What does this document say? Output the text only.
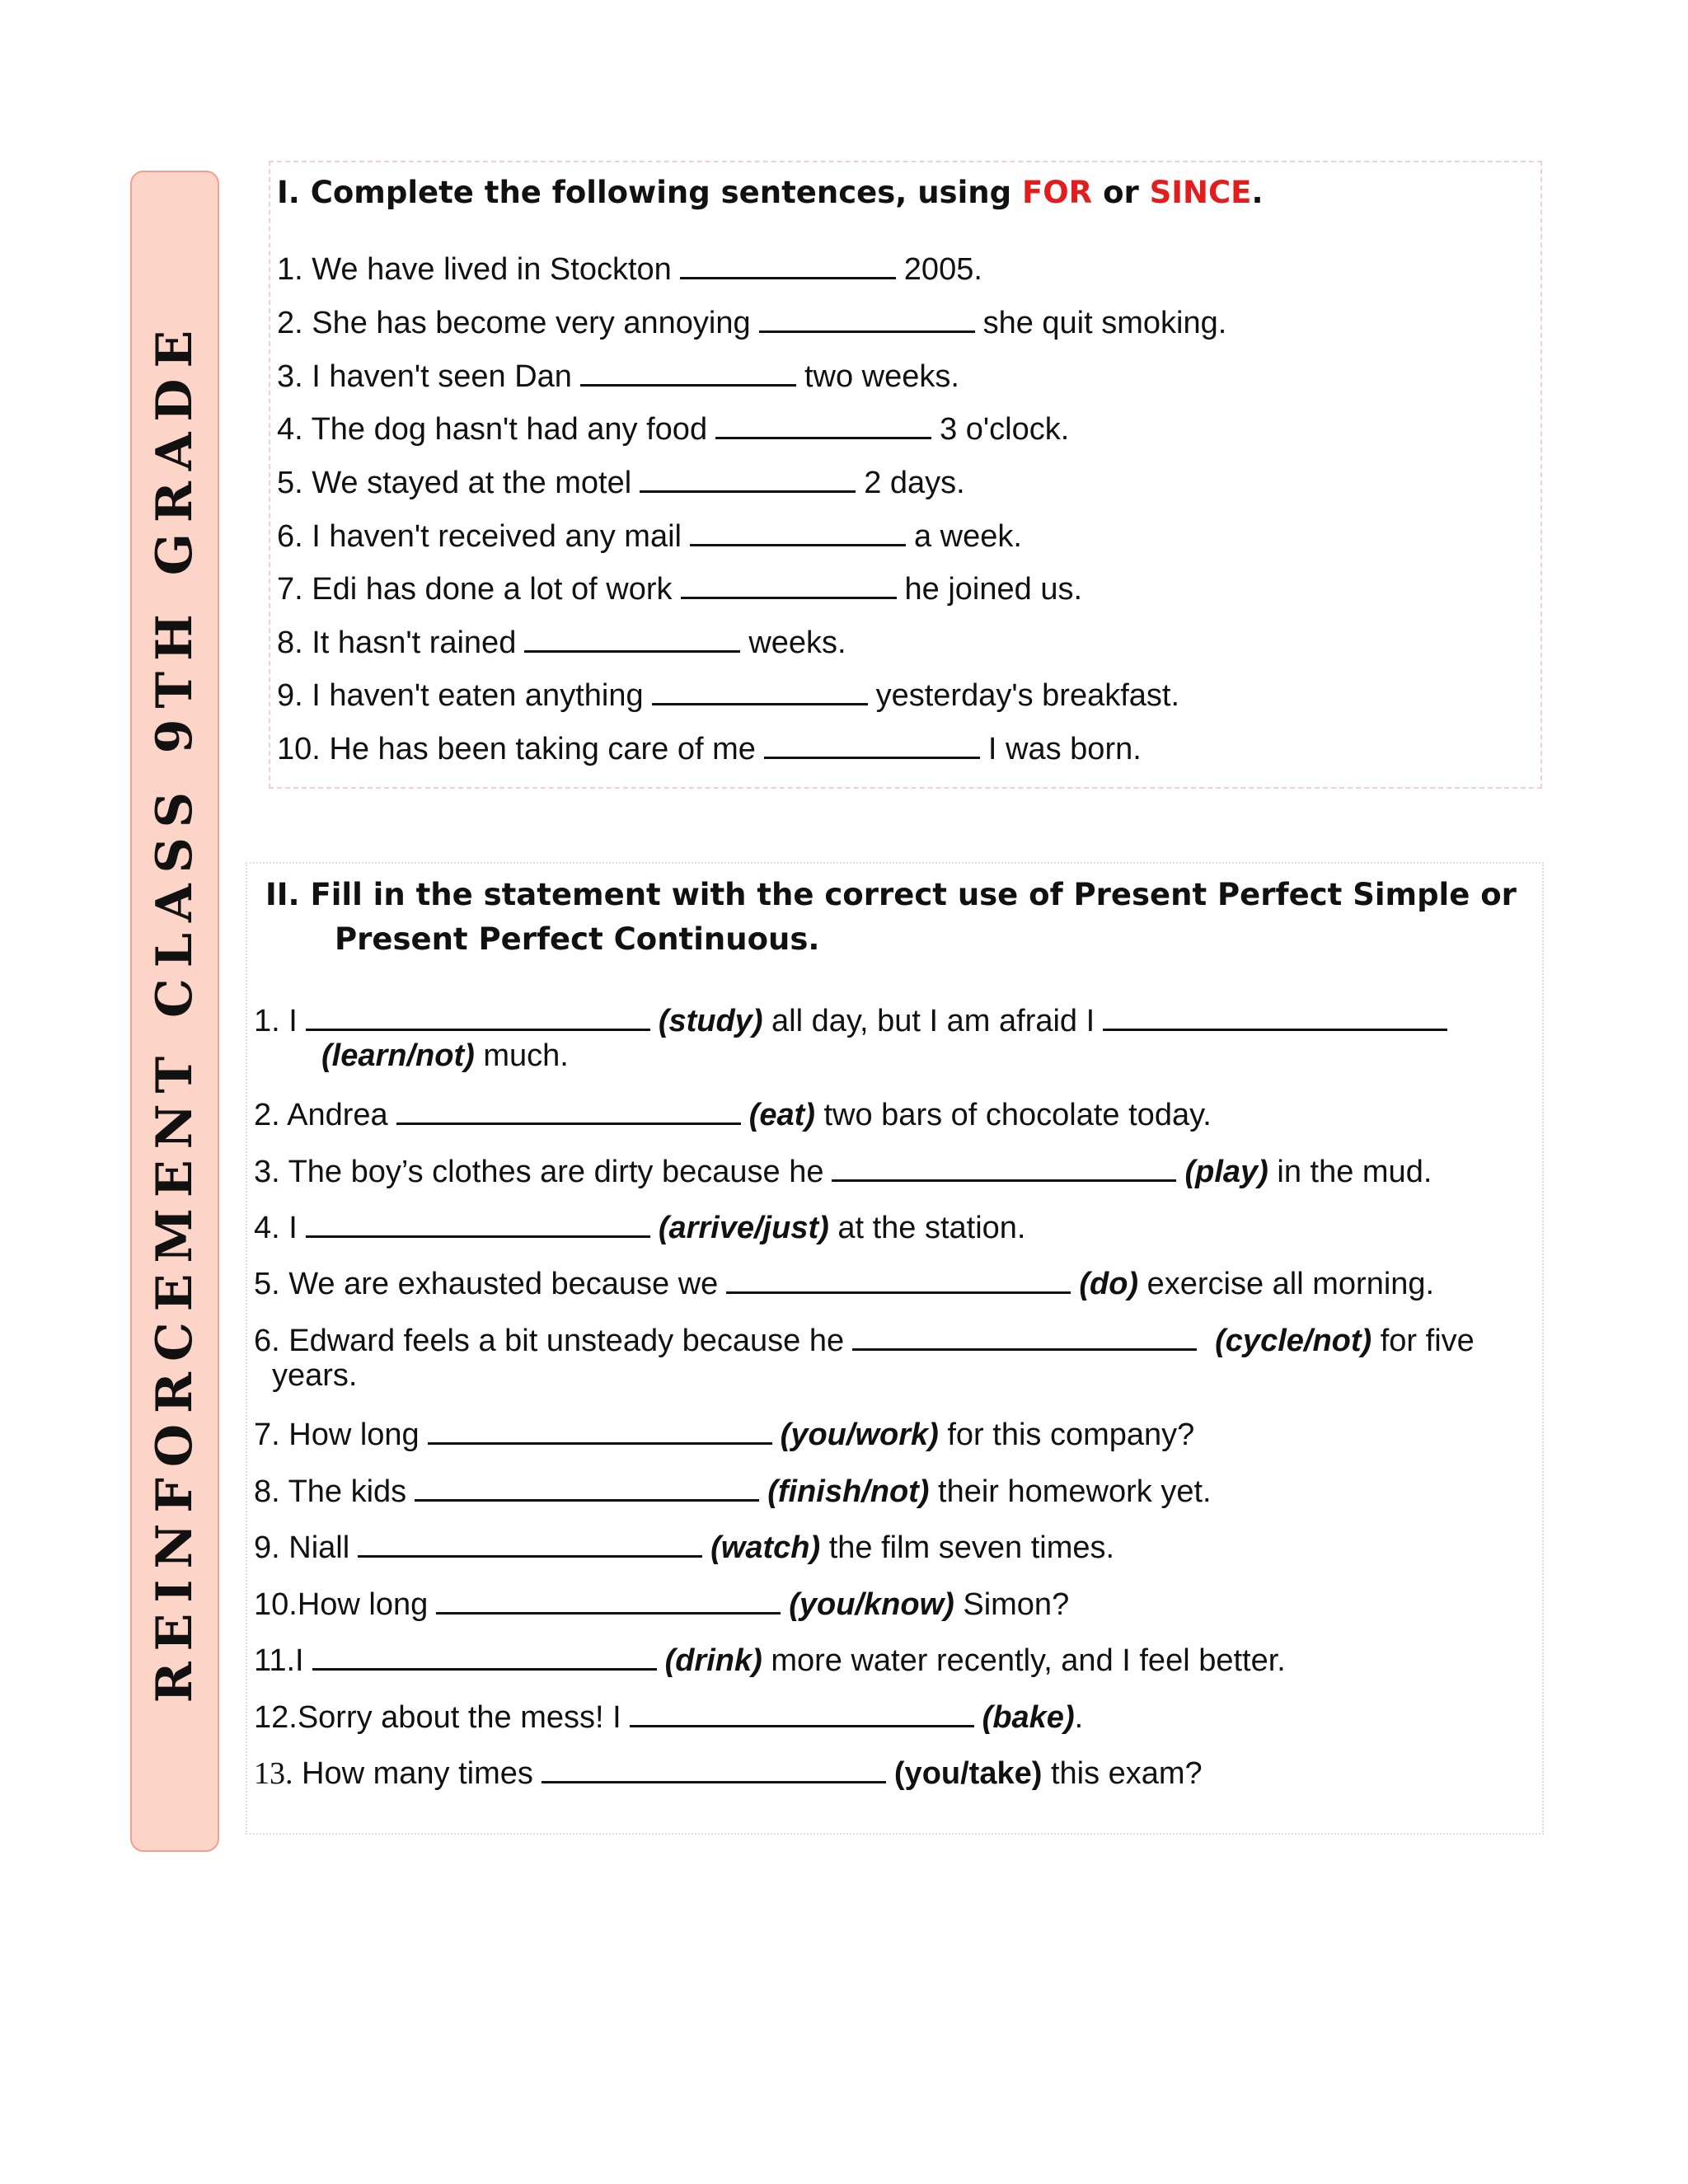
REINFORCEMENT CLASS 9TH GRADE
I. Complete the following sentences, using FOR or SINCE.
1. We have lived in Stockton	2005.
2. She has become very annoying	she quit smoking.
3. I haven't seen Dan	two weeks.
4. The dog hasn't had any food	3 o'clock.
5. We stayed at the motel	2 days.
6. I haven't received any mail	a week.
7. Edi has done a lot of work	he joined us.
8. It hasn't rained	weeks.
9. I haven't eaten anything	yesterday's breakfast.
10. He has been taking care of me	I was born.
II. Fill in the statement with the correct use of Present Perfect Simple or
Present Perfect Continuous.
1. I	(study) all day, but I am afraid I
(learn/not) much.
2. Andrea	(eat) two bars of chocolate today.
3. The boy’s clothes are dirty because he	(play) in the mud.
4. I	(arrive/just) at the station.
5. We are exhausted because we	(do) exercise all morning.
6. Edward feels a bit unsteady because he	(cycle/not) for five
years.
7. How long	(you/work) for this company?
8. The kids	(finish/not) their homework yet.
9. Niall	(watch) the film seven times.
10.How long	(you/know) Simon?
11.I	(drink) more water recently, and I feel better.
12.Sorry about the mess! I	(bake).
13. How many times	(you/take) this exam?
